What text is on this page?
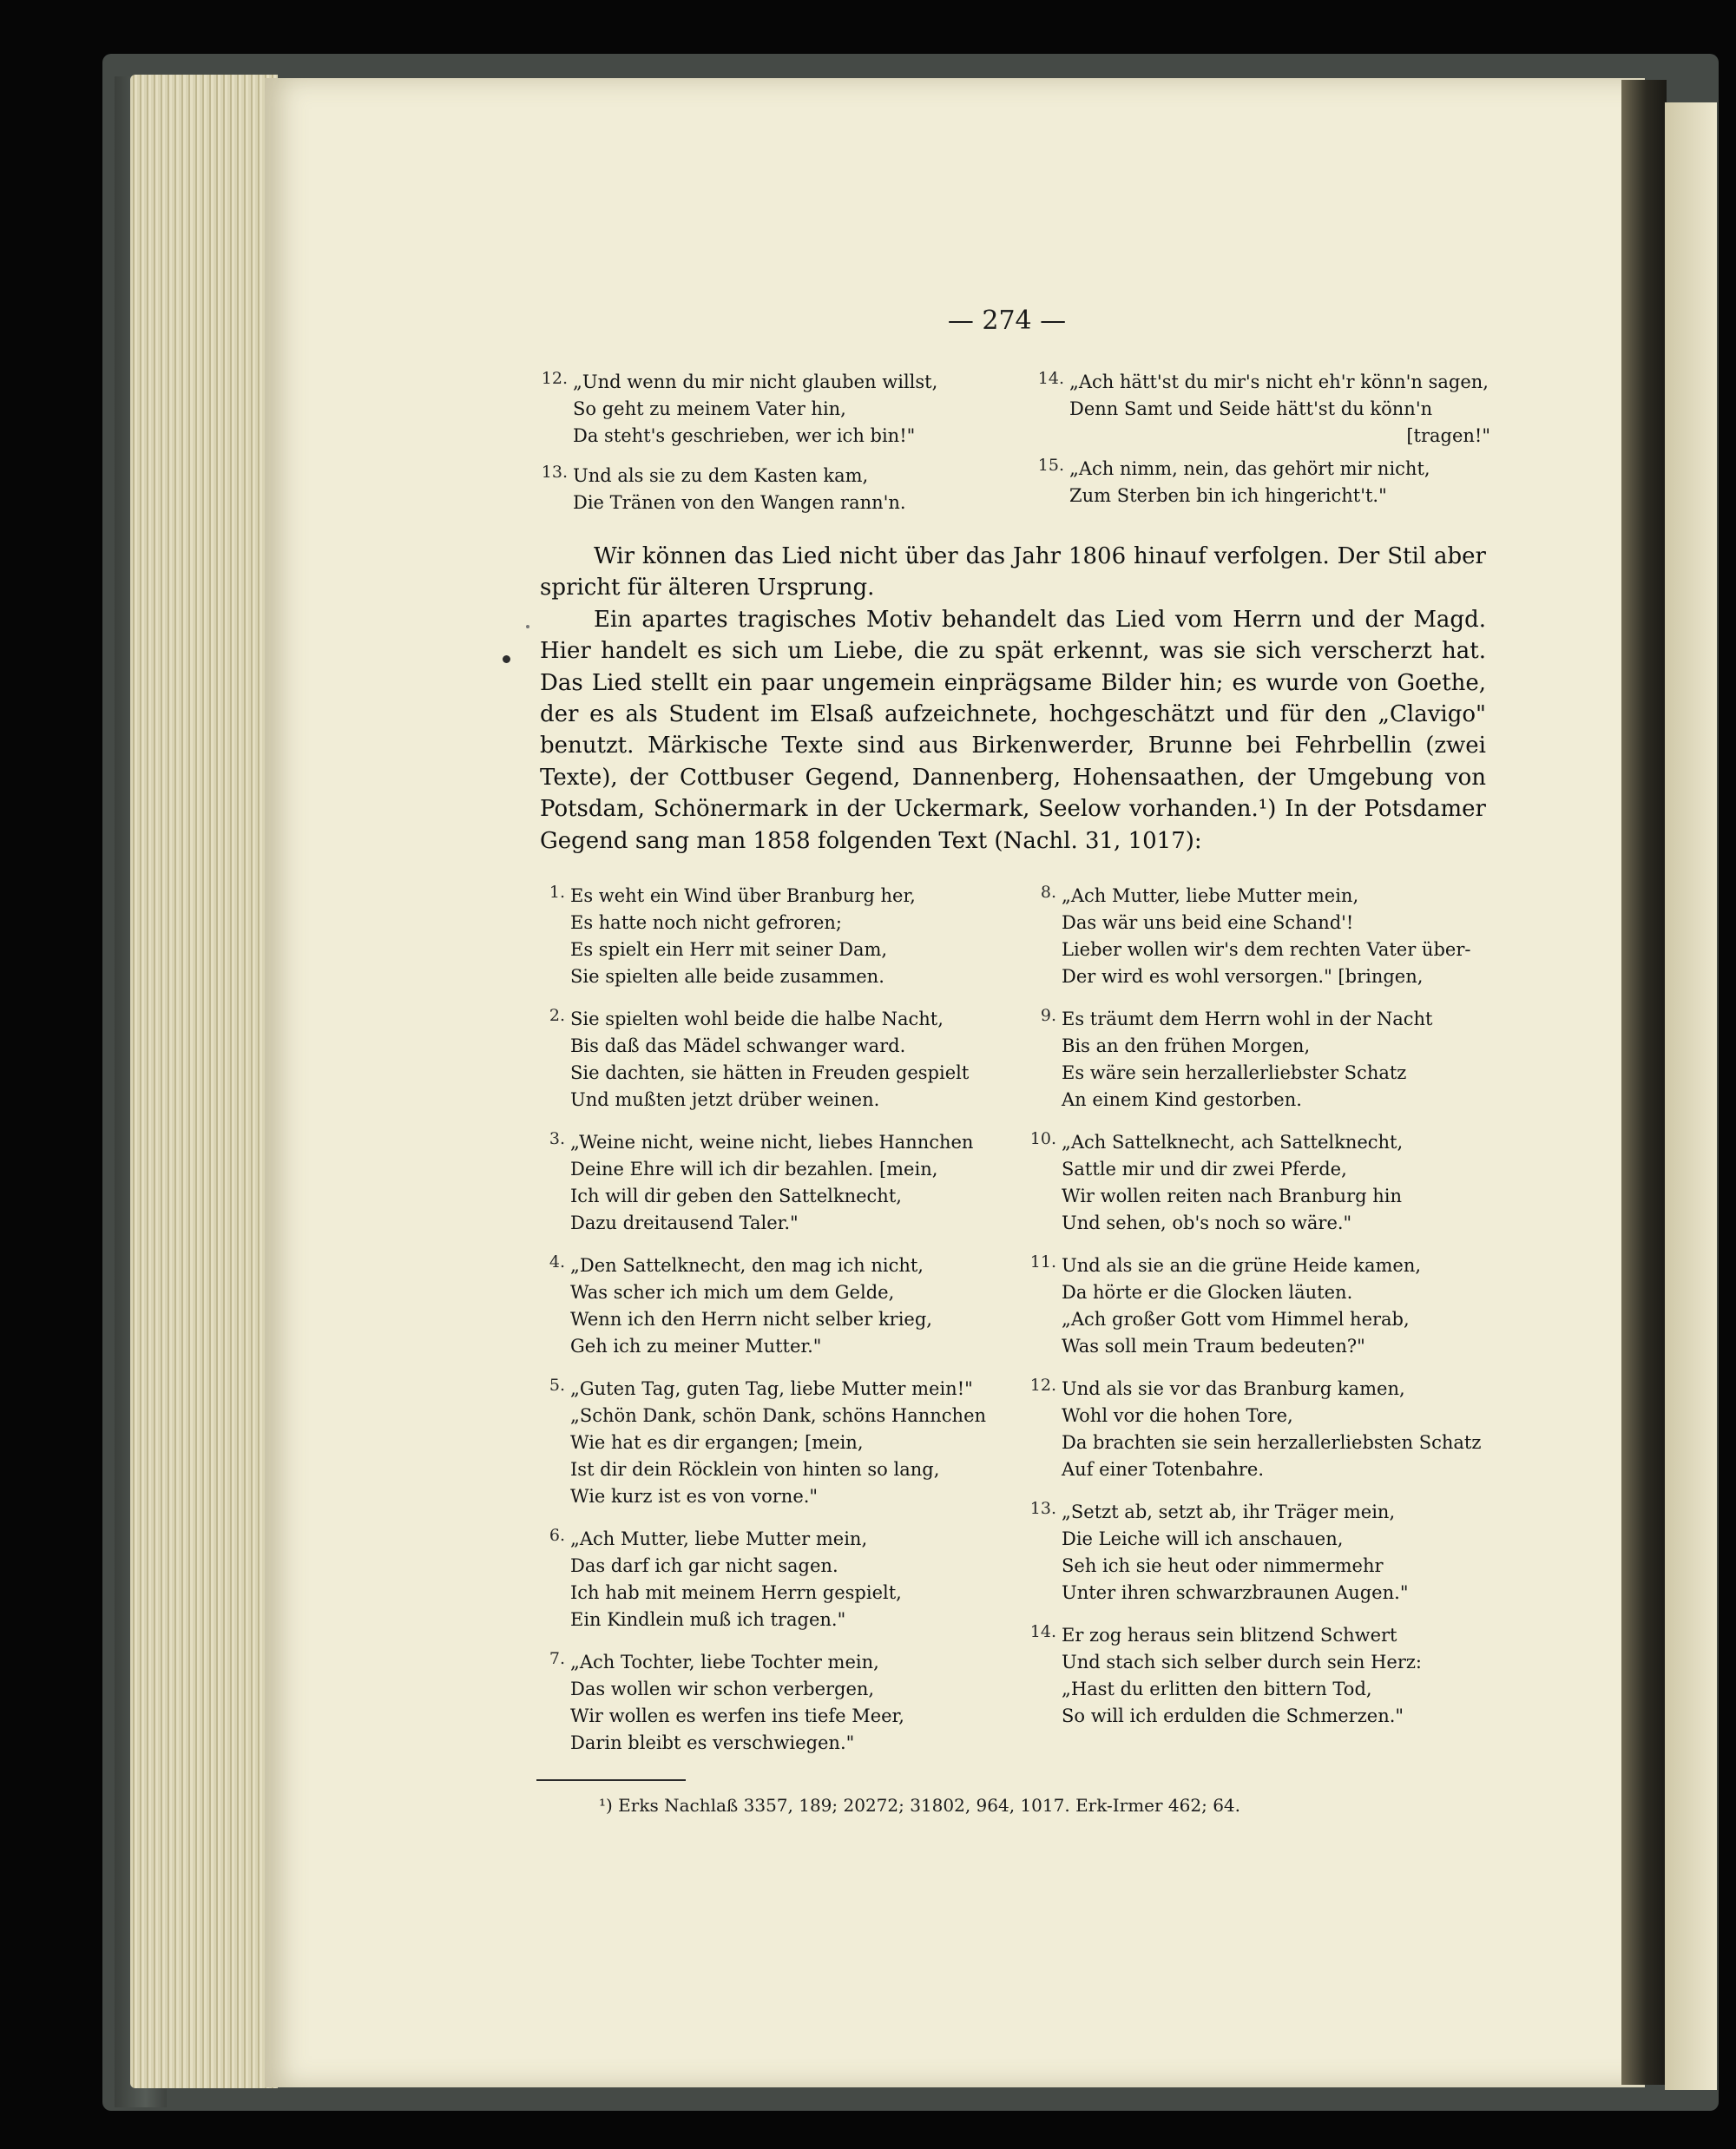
— 274 —

12. „Und wenn du mir nicht glauben willst,
So geht zu meinem Vater hin,
Da steht's geschrieben, wer ich bin!"
13. Und als sie zu dem Kasten kam,
Die Tränen von den Wangen rann'n.
14. „Ach hätt'st du mir's nicht eh'r könn'n sagen,
Denn Samt und Seide hätt'st du könn'n
[tragen!"
15. „Ach nimm, nein, das gehört mir nicht,
Zum Sterben bin ich hingericht't."

Wir können das Lied nicht über das Jahr 1806 hinauf verfolgen. Der Stil aber spricht für älteren Ursprung.

Ein apartes tragisches Motiv behandelt das Lied vom Herrn und der Magd. Hier handelt es sich um Liebe, die zu spät erkennt, was sie sich verscherzt hat. Das Lied stellt ein paar ungemein einprägsame Bilder hin; es wurde von Goethe, der es als Student im Elsaß aufzeichnete, hochgeschätzt und für den „Clavigo" benutzt. Märkische Texte sind aus Birkenwerder, Brunne bei Fehrbellin (zwei Texte), der Cottbuser Gegend, Dannenberg, Hohensaathen, der Umgebung von Potsdam, Schönermark in der Uckermark, Seelow vorhanden.¹) In der Potsdamer Gegend sang man 1858 folgenden Text (Nachl. 31, 1017):

1. Es weht ein Wind über Branburg her,
Es hatte noch nicht gefroren;
Es spielt ein Herr mit seiner Dam,
Sie spielten alle beide zusammen.
2. Sie spielten wohl beide die halbe Nacht,
Bis daß das Mädel schwanger ward.
Sie dachten, sie hätten in Freuden gespielt
Und mußten jetzt drüber weinen.
3. „Weine nicht, weine nicht, liebes Hannchen
Deine Ehre will ich dir bezahlen. [mein,
Ich will dir geben den Sattelknecht,
Dazu dreitausend Taler."
4. „Den Sattelknecht, den mag ich nicht,
Was scher ich mich um dem Gelde,
Wenn ich den Herrn nicht selber krieg,
Geh ich zu meiner Mutter."
5. „Guten Tag, guten Tag, liebe Mutter mein!"
„Schön Dank, schön Dank, schöns Hannchen
Wie hat es dir ergangen; [mein,
Ist dir dein Röcklein von hinten so lang,
Wie kurz ist es von vorne."
6. „Ach Mutter, liebe Mutter mein,
Das darf ich gar nicht sagen.
Ich hab mit meinem Herrn gespielt,
Ein Kindlein muß ich tragen."
7. „Ach Tochter, liebe Tochter mein,
Das wollen wir schon verbergen,
Wir wollen es werfen ins tiefe Meer,
Darin bleibt es verschwiegen."
8. „Ach Mutter, liebe Mutter mein,
Das wär uns beid eine Schand'!
Lieber wollen wir's dem rechten Vater über-
Der wird es wohl versorgen." [bringen,
9. Es träumt dem Herrn wohl in der Nacht
Bis an den frühen Morgen,
Es wäre sein herzallerliebster Schatz
An einem Kind gestorben.
10. „Ach Sattelknecht, ach Sattelknecht,
Sattle mir und dir zwei Pferde,
Wir wollen reiten nach Branburg hin
Und sehen, ob's noch so wäre."
11. Und als sie an die grüne Heide kamen,
Da hörte er die Glocken läuten.
„Ach großer Gott vom Himmel herab,
Was soll mein Traum bedeuten?"
12. Und als sie vor das Branburg kamen,
Wohl vor die hohen Tore,
Da brachten sie sein herzallerliebsten Schatz
Auf einer Totenbahre.
13. „Setzt ab, setzt ab, ihr Träger mein,
Die Leiche will ich anschauen,
Seh ich sie heut oder nimmermehr
Unter ihren schwarzbraunen Augen."
14. Er zog heraus sein blitzend Schwert
Und stach sich selber durch sein Herz:
„Hast du erlitten den bittern Tod,
So will ich erdulden die Schmerzen."

¹) Erks Nachlaß 3357, 189; 20272; 31802, 964, 1017. Erk-Irmer 462; 64.
